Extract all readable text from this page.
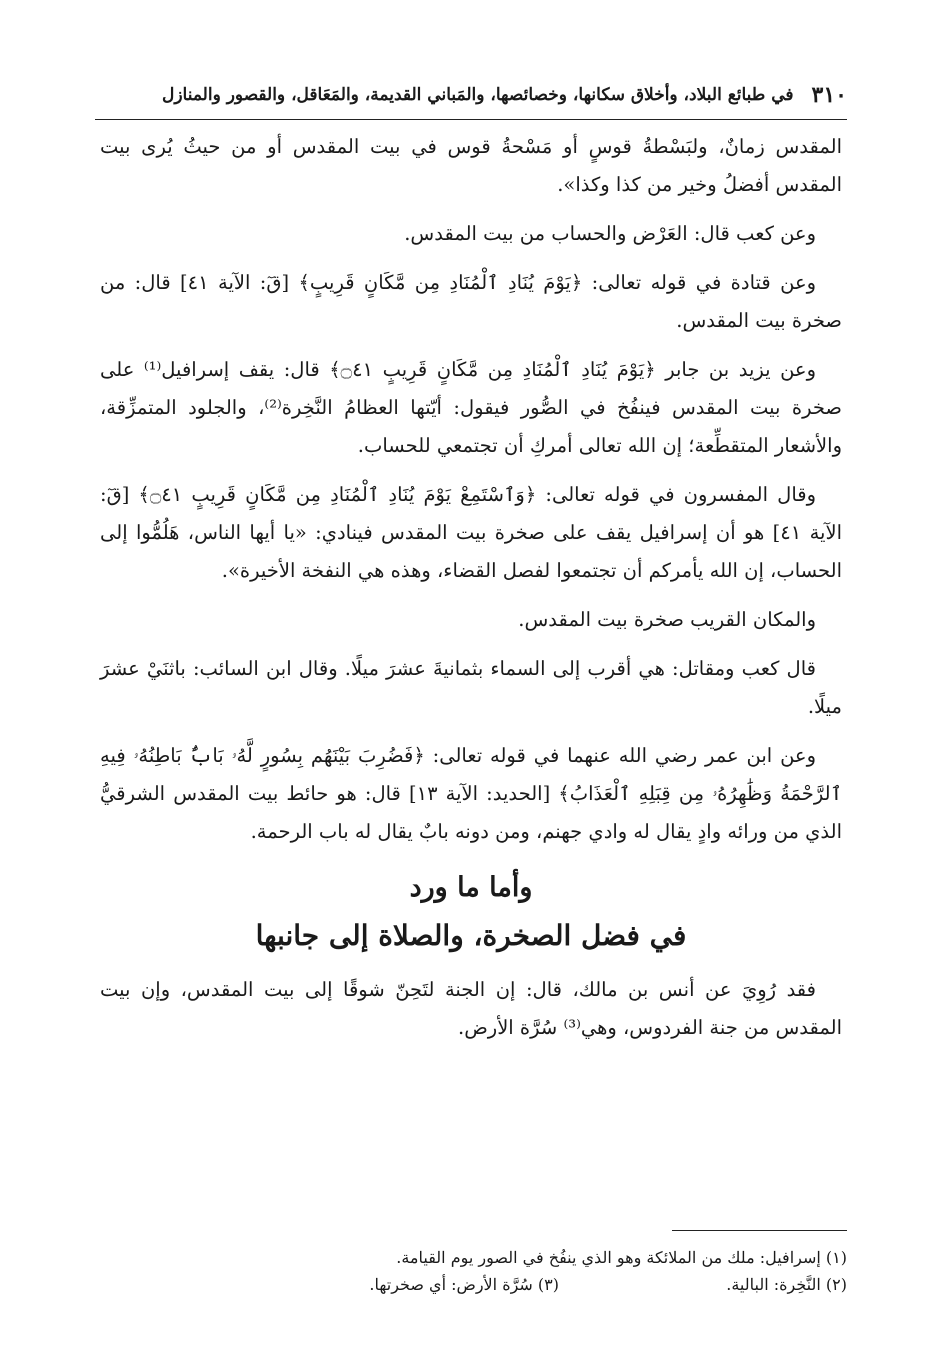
٣١٠
في طبائع البلاد، وأخلاق سكانها، وخصائصها، والمَباني القديمة، والمَعَاقل، والقصور والمنازل

المقدس زمانٌ، ولبَسْطةُ قوسٍ أو مَسْحةُ قوس في بيت المقدس أو من حيثُ يُرى بيت المقدس أفضلُ وخير من كذا وكذا».

وعن كعب قال: العَرْض والحساب من بيت المقدس.

وعن قتادة في قوله تعالى: ﴿يَوْمَ يُنَادِ ٱلْمُنَادِ مِن مَّكَانٍ قَرِيبٍ﴾ [قٓ: الآية ٤١] قال: من صخرة بيت المقدس.

وعن يزيد بن جابر ﴿يَوْمَ يُنَادِ ٱلْمُنَادِ مِن مَّكَانٍ قَرِيبٍ ۝٤١﴾ قال: يقف إسرافيل⁽¹⁾ على صخرة بيت المقدس فينفُخ في الصُّور فيقول: أيّتها العظامُ النَّخِرة⁽²⁾، والجلود المتمزِّقة، والأشعار المتقطِّعة؛ إن الله تعالى أمركِ أن تجتمعي للحساب.

وقال المفسرون في قوله تعالى: ﴿وَٱسْتَمِعْ يَوْمَ يُنَادِ ٱلْمُنَادِ مِن مَّكَانٍ قَرِيبٍ ۝٤١﴾ [قٓ: الآية ٤١] هو أن إسرافيل يقف على صخرة بيت المقدس فينادي: «يا أيها الناس، هَلُمُّوا إلى الحساب، إن الله يأمركم أن تجتمعوا لفصل القضاء، وهذه هي النفخة الأخيرة».

والمكان القريب صخرة بيت المقدس.

قال كعب ومقاتل: هي أقرب إلى السماء بثمانيةَ عشرَ ميلًا. وقال ابن السائب: باثنَيْ عشرَ ميلًا.

وعن ابن عمر رضي الله عنهما في قوله تعالى: ﴿فَضُرِبَ بَيْنَهُم بِسُورٍ لَّهُۥ بَابٌۢ بَاطِنُهُۥ فِيهِ ٱلرَّحْمَةُ وَظَٰهِرُهُۥ مِن قِبَلِهِ ٱلْعَذَابُ﴾ [الحديد: الآية ١٣] قال: هو حائط بيت المقدس الشرقيُّ الذي من ورائه وادٍ يقال له وادي جهنم، ومن دونه بابٌ يقال له باب الرحمة.

وأما ما ورد
في فضل الصخرة، والصلاة إلى جانبها

فقد رُوِيَ عن أنس بن مالك، قال: إن الجنة لتَحِنّ شوقًا إلى بيت المقدس، وإن بيت المقدس من جنة الفردوس، وهي⁽³⁾ سُرَّة الأرض.

(١) إسرافيل: ملك من الملائكة وهو الذي ينفُخ في الصور يوم القيامة.

(٢) النَّخِرة: البالية.

(٣) سُرَّة الأرض: أي صخرتها.
